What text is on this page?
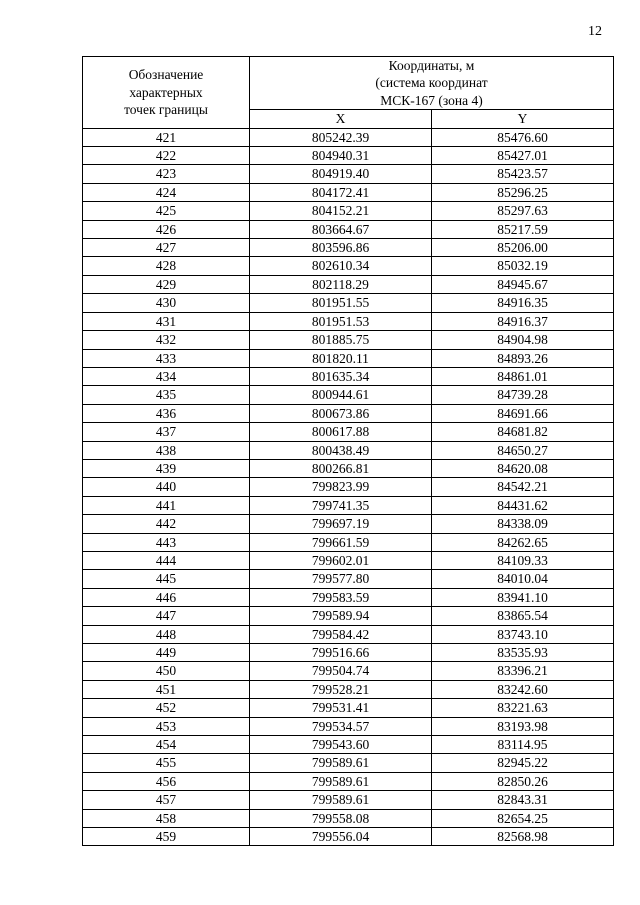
12
Обозначение
характерных
точек границы	Координаты, м
(система координат
МСК-167 (зона 4)	

	X	Y
421	805242.39	85476.60
422	804940.31	85427.01
423	804919.40	85423.57
424	804172.41	85296.25
425	804152.21	85297.63
426	803664.67	85217.59
427	803596.86	85206.00
428	802610.34	85032.19
429	802118.29	84945.67
430	801951.55	84916.35
431	801951.53	84916.37
432	801885.75	84904.98
433	801820.11	84893.26
434	801635.34	84861.01
435	800944.61	84739.28
436	800673.86	84691.66
437	800617.88	84681.82
438	800438.49	84650.27
439	800266.81	84620.08
440	799823.99	84542.21
441	799741.35	84431.62
442	799697.19	84338.09
443	799661.59	84262.65
444	799602.01	84109.33
445	799577.80	84010.04
446	799583.59	83941.10
447	799589.94	83865.54
448	799584.42	83743.10
449	799516.66	83535.93
450	799504.74	83396.21
451	799528.21	83242.60
452	799531.41	83221.63
453	799534.57	83193.98
454	799543.60	83114.95
455	799589.61	82945.22
456	799589.61	82850.26
457	799589.61	82843.31
458	799558.08	82654.25
459	799556.04	82568.98
